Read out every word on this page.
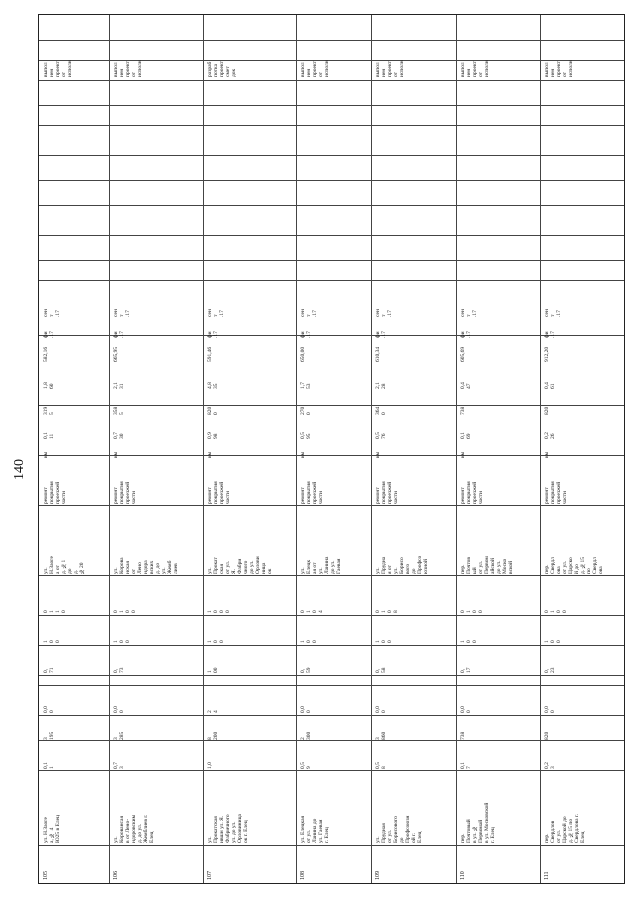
140
105
ул. Н.Заоге
а, № 4
Ю25 в Елец
0,1
1
3
195
0,0
0
0,
71
1
0
0
0
1
1
0
ул.
Н.Заоге
а от
д. №1
до
д.
№20
ремонт
покрытия
проезжей
части
км
0,1
11
319
5
1,8
60
582,16
фи
.17
сен
т
.17
выпол
нен
проект
от
исполн
106
ул.
Коровансая
в от Лено-
ндоровским
д. до ул.
Жемблиев г.
Елец
0,7
3
3
285
0,0
0
0,
73
1
0
0
0
1
0
0
ул.
Корова
нская
от
Лено
ндора
вских
д. до
ул.
Жемб
лиев
ремонт
покрытия
проезжей
части
км
0,7
30
358
5
2,1
31
665,95
фи
.17
сен
т
.17
выпол
нен
проект
от
исполн
107
ул.
Прокатская
ившн ул. Я.
Фабричного
ул. до ул.
Орловиница
ок г. Елец
1,0
8
200
2
4
1
00
1
0
0
1
0
0
0
ул.
Прокат
ская
от ул.
Я.
Фабри
чного
до ул.
Орлови
ница
ок
ремонт
покрытия
проезжей
части
км
0,9
98
820
0
4,8
35
591,46
фи
.17
сен
т
.17
разраб
потка
проект
смет
док
108
ул. Елецкая
от ул.
Ланина до
ул. Гаевая
г. Елец
0,5
9
2
300
0,0
0
0,
59
1
0
0
0
1
0
4
ул.
Елецк
ая от
ул.
Ланина
до ул.
Гаевая
ремонт
покрытия
проезжей
части
км
0,5
95
270
0
1,7
53
650,00
фи
.17
сен
т
.17
выпол
нен
проект
от
исполн
109
ул.
Прудная
от ул.
Борисового
до
Профсоюзн
ой г.
Елец
0,5
8
3
860
0,0
0
0,
58
1
0
0
0
1
0
8
ул.
Прудна
я от
ул.
Борисо
вого
до
Профсо
юзной
ремонт
покрытия
проезжей
части
км
0,5
76
364
0
2,1
28
610,34
фи
.17
сен
т
.17
выпол
нен
проект
от
исполн
110
пер.
Почтовый
в ул. №
Первомай
в ул. Московской
г. Елец
0,1
7
738
0,0
0
0,
17
1
0
0
0
1
0
0
пер.
Почтов
ый
от ул.
Первом
айской
до ул.
Моско
вской
ремонт
покрытия
проезжей
части
км
0,1
69
738
0,4
47
605,69
фи
.17
сен
т
.17
выпол
нен
проект
от
исполн
111
пер.
Свердлов
от ул.
Царской до
д. №15 по
Свердлова г.
Елец
0,2
3
820
0,0
0
0,
23
1
0
0
0
1
0
0
пер.
Свердл
ова
от ул.
Царско
й до
д. №15
по
Свердл
ова
ремонт
покрытия
проезжей
части
км
0,2
26
820
0,4
61
912,20
фи
.17
сен
т
.17
выпол
нен
проект
от
исполн
